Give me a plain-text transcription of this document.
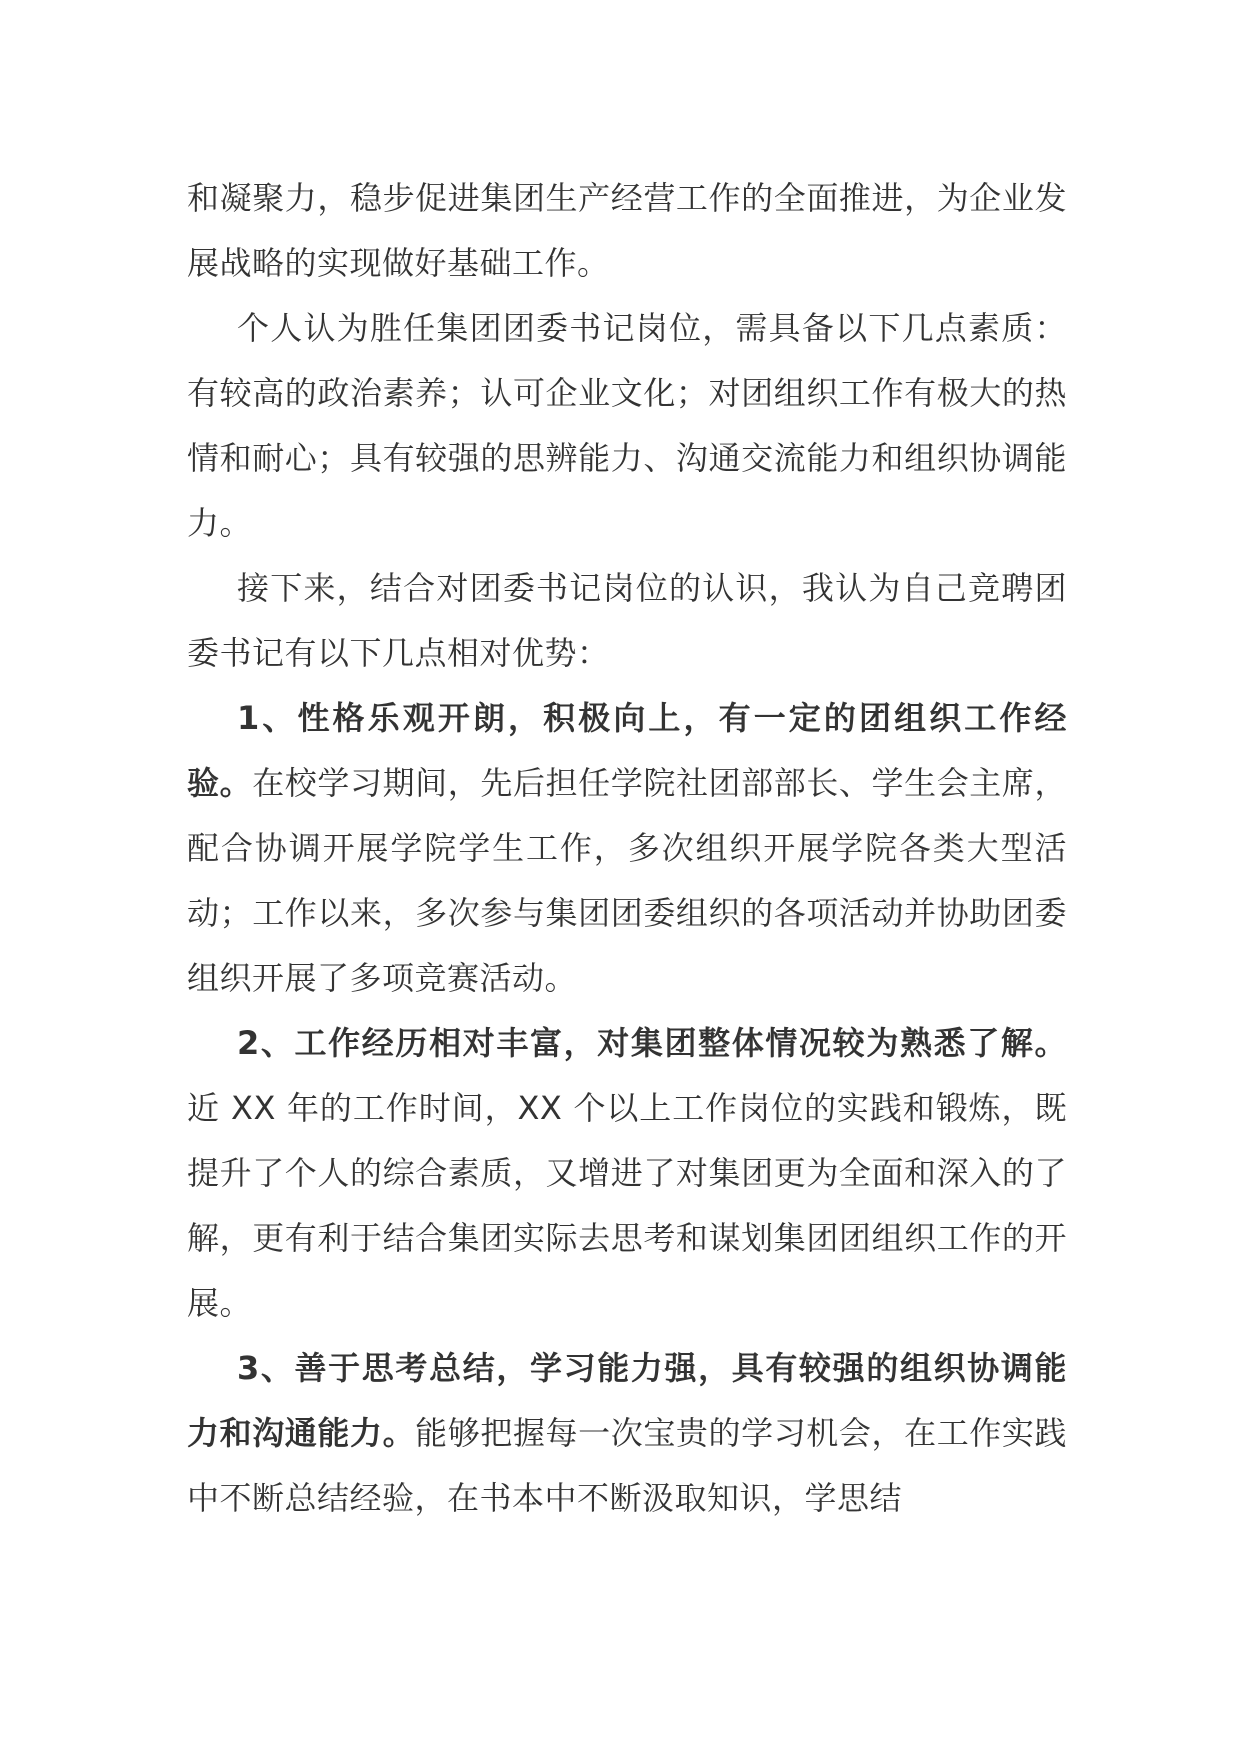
和凝聚力，稳步促进集团生产经营工作的全面推进，为企业发展战略的实现做好基础工作。

个人认为胜任集团团委书记岗位，需具备以下几点素质：有较高的政治素养；认可企业文化；对团组织工作有极大的热情和耐心；具有较强的思辨能力、沟通交流能力和组织协调能力。

接下来，结合对团委书记岗位的认识，我认为自己竞聘团委书记有以下几点相对优势：

1、性格乐观开朗，积极向上，有一定的团组织工作经验。在校学习期间，先后担任学院社团部部长、学生会主席，配合协调开展学院学生工作，多次组织开展学院各类大型活动；工作以来，多次参与集团团委组织的各项活动并协助团委组织开展了多项竞赛活动。

2、工作经历相对丰富，对集团整体情况较为熟悉了解。近 XX 年的工作时间，XX 个以上工作岗位的实践和锻炼，既提升了个人的综合素质，又增进了对集团更为全面和深入的了解，更有利于结合集团实际去思考和谋划集团团组织工作的开展。

3、善于思考总结，学习能力强，具有较强的组织协调能力和沟通能力。能够把握每一次宝贵的学习机会，在工作实践中不断总结经验，在书本中不断汲取知识，学思结
